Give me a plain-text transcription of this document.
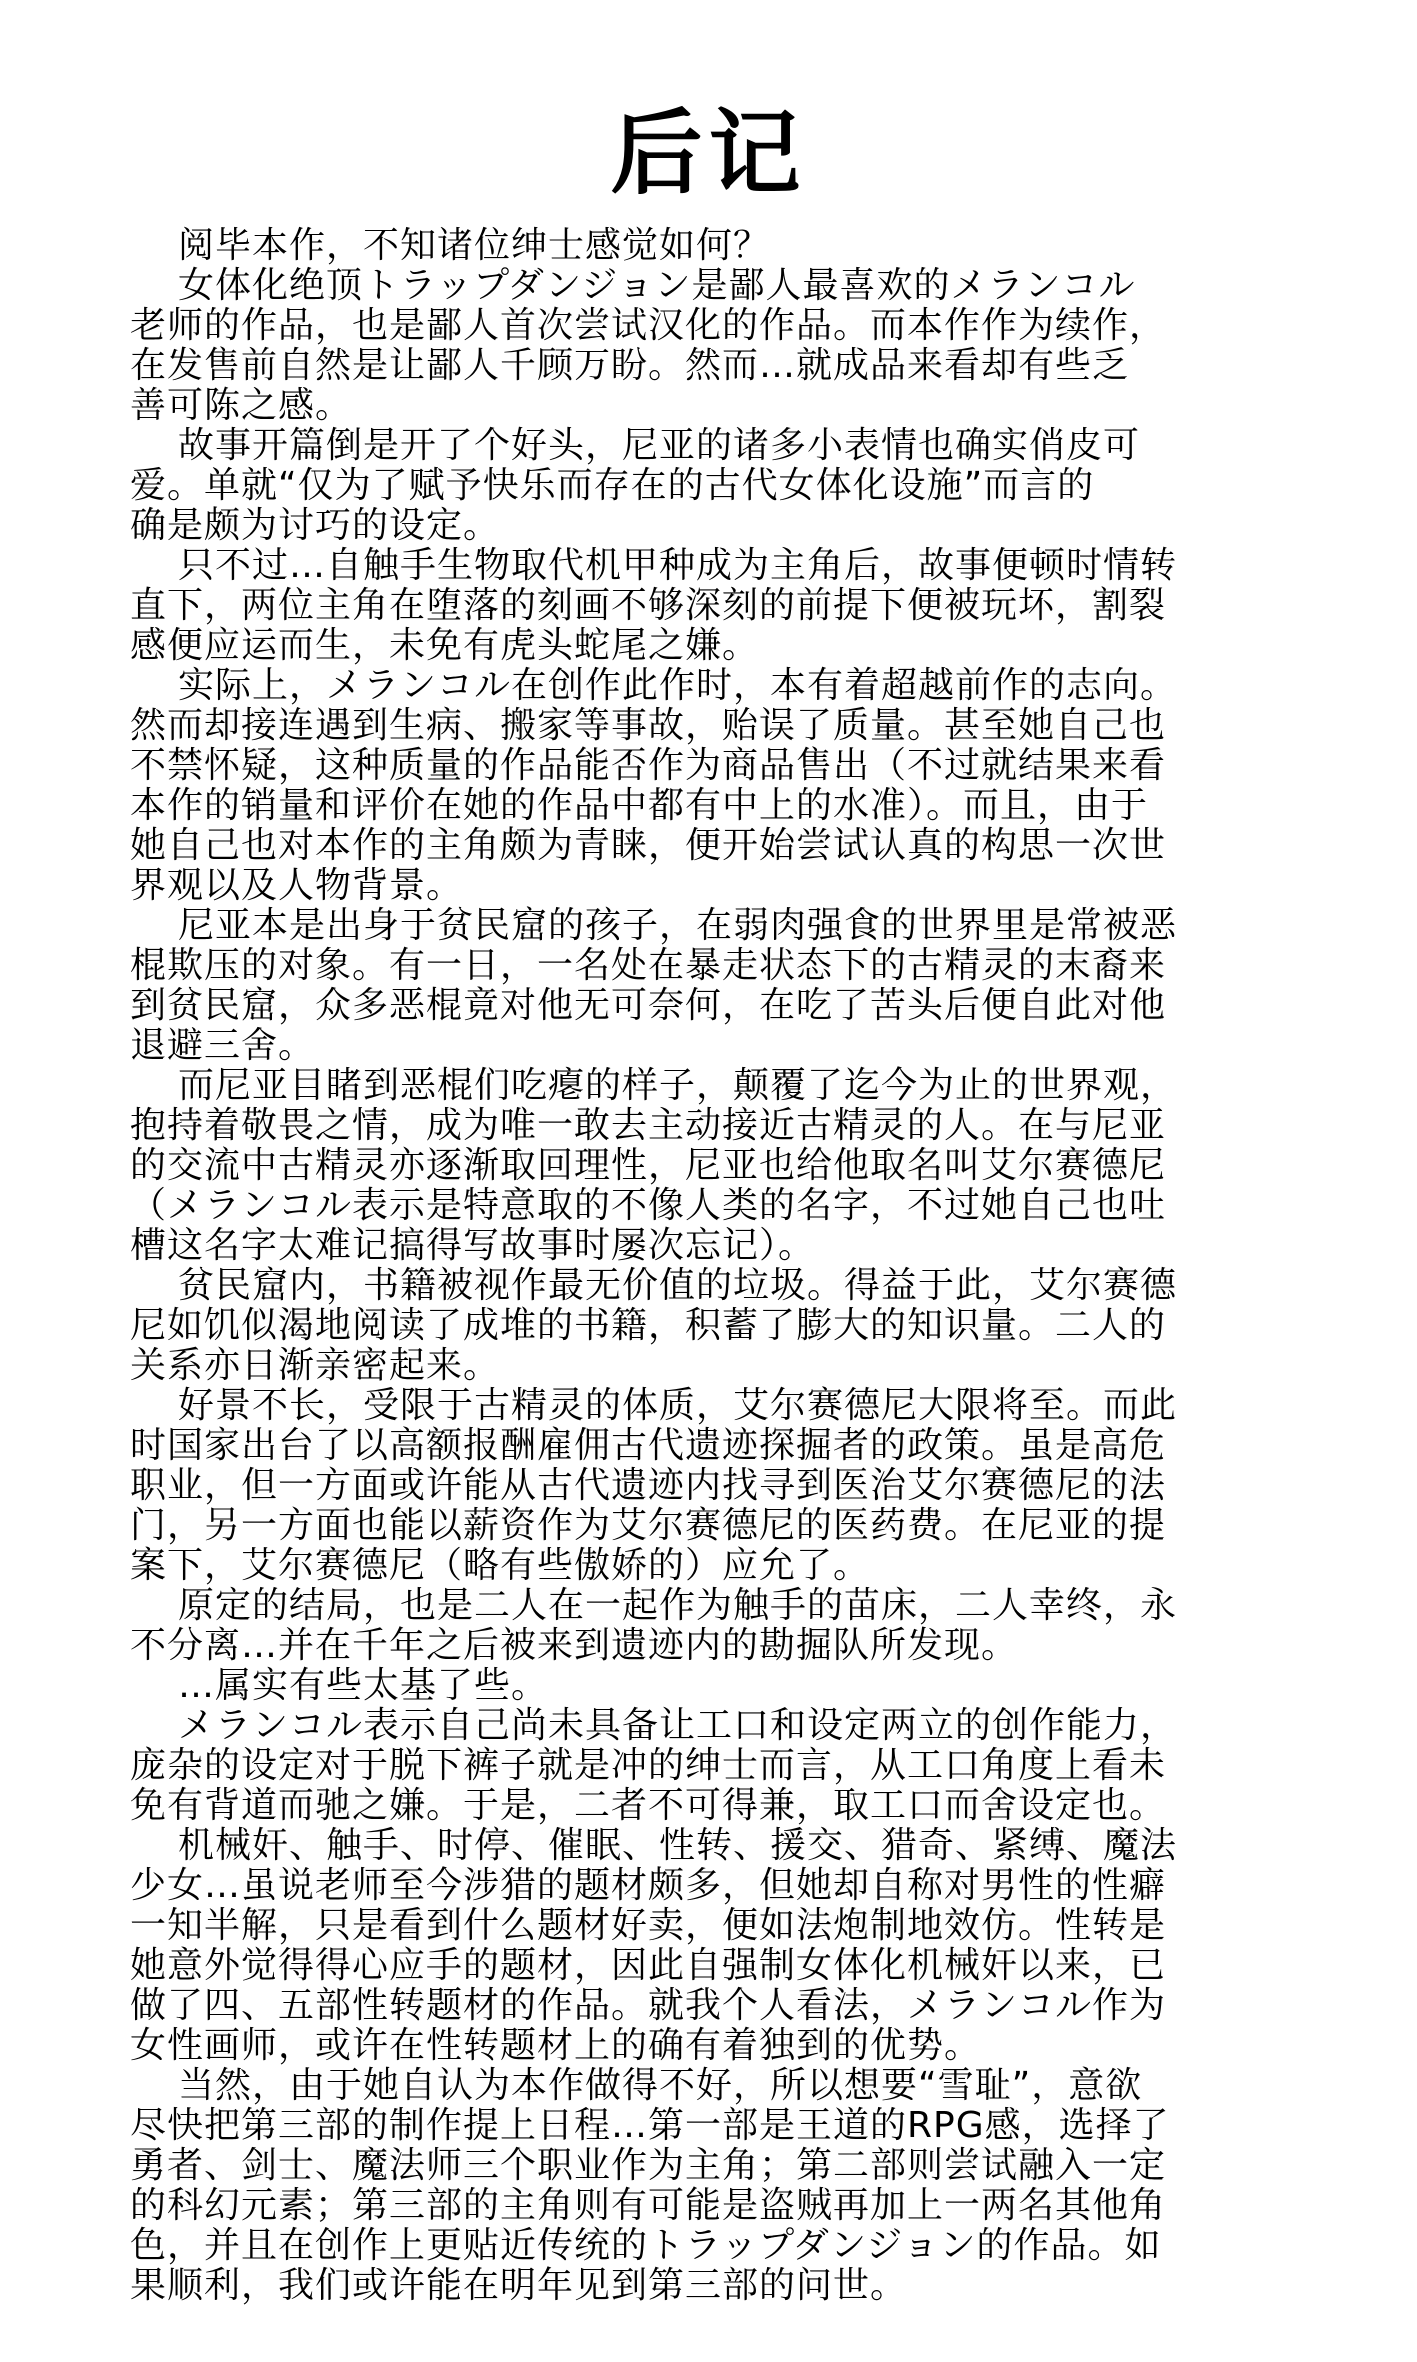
后记
阅毕本作，不知诸位绅士感觉如何？
女体化绝顶トラップダンジョン是鄙人最喜欢的メランコル
老师的作品，也是鄙人首次尝试汉化的作品。而本作作为续作，
在发售前自然是让鄙人千顾万盼。然而…就成品来看却有些乏
善可陈之感。
故事开篇倒是开了个好头，尼亚的诸多小表情也确实俏皮可
爱。单就“仅为了赋予快乐而存在的古代女体化设施”而言的
确是颇为讨巧的设定。
只不过…自触手生物取代机甲种成为主角后，故事便顿时情转
直下，两位主角在堕落的刻画不够深刻的前提下便被玩坏，割裂
感便应运而生，未免有虎头蛇尾之嫌。
实际上，メランコル在创作此作时，本有着超越前作的志向。
然而却接连遇到生病、搬家等事故，贻误了质量。甚至她自己也
不禁怀疑，这种质量的作品能否作为商品售出（不过就结果来看
本作的销量和评价在她的作品中都有中上的水准）。而且，由于
她自己也对本作的主角颇为青睐，便开始尝试认真的构思一次世
界观以及人物背景。
尼亚本是出身于贫民窟的孩子，在弱肉强食的世界里是常被恶
棍欺压的对象。有一日，一名处在暴走状态下的古精灵的末裔来
到贫民窟，众多恶棍竟对他无可奈何，在吃了苦头后便自此对他
退避三舍。
而尼亚目睹到恶棍们吃瘪的样子，颠覆了迄今为止的世界观，
抱持着敬畏之情，成为唯一敢去主动接近古精灵的人。在与尼亚
的交流中古精灵亦逐渐取回理性，尼亚也给他取名叫艾尔赛德尼
（メランコル表示是特意取的不像人类的名字，不过她自己也吐
槽这名字太难记搞得写故事时屡次忘记）。
贫民窟内，书籍被视作最无价值的垃圾。得益于此，艾尔赛德
尼如饥似渴地阅读了成堆的书籍，积蓄了膨大的知识量。二人的
关系亦日渐亲密起来。
好景不长，受限于古精灵的体质，艾尔赛德尼大限将至。而此
时国家出台了以高额报酬雇佣古代遗迹探掘者的政策。虽是高危
职业，但一方面或许能从古代遗迹内找寻到医治艾尔赛德尼的法
门，另一方面也能以薪资作为艾尔赛德尼的医药费。在尼亚的提
案下，艾尔赛德尼（略有些傲娇的）应允了。
原定的结局，也是二人在一起作为触手的苗床，二人幸终，永
不分离…并在千年之后被来到遗迹内的勘掘队所发现。
…属实有些太基了些。
メランコル表示自己尚未具备让工口和设定两立的创作能力，
庞杂的设定对于脱下裤子就是冲的绅士而言，从工口角度上看未
免有背道而驰之嫌。于是，二者不可得兼，取工口而舍设定也。
机械奸、触手、时停、催眠、性转、援交、猎奇、紧缚、魔法
少女…虽说老师至今涉猎的题材颇多，但她却自称对男性的性癖
一知半解，只是看到什么题材好卖，便如法炮制地效仿。性转是
她意外觉得得心应手的题材，因此自强制女体化机械奸以来，已
做了四、五部性转题材的作品。就我个人看法，メランコル作为
女性画师，或许在性转题材上的确有着独到的优势。
当然，由于她自认为本作做得不好，所以想要“雪耻”，意欲
尽快把第三部的制作提上日程…第一部是王道的RPG感，选择了
勇者、剑士、魔法师三个职业作为主角；第二部则尝试融入一定
的科幻元素；第三部的主角则有可能是盗贼再加上一两名其他角
色，并且在创作上更贴近传统的トラップダンジョン的作品。如
果顺利，我们或许能在明年见到第三部的问世。
